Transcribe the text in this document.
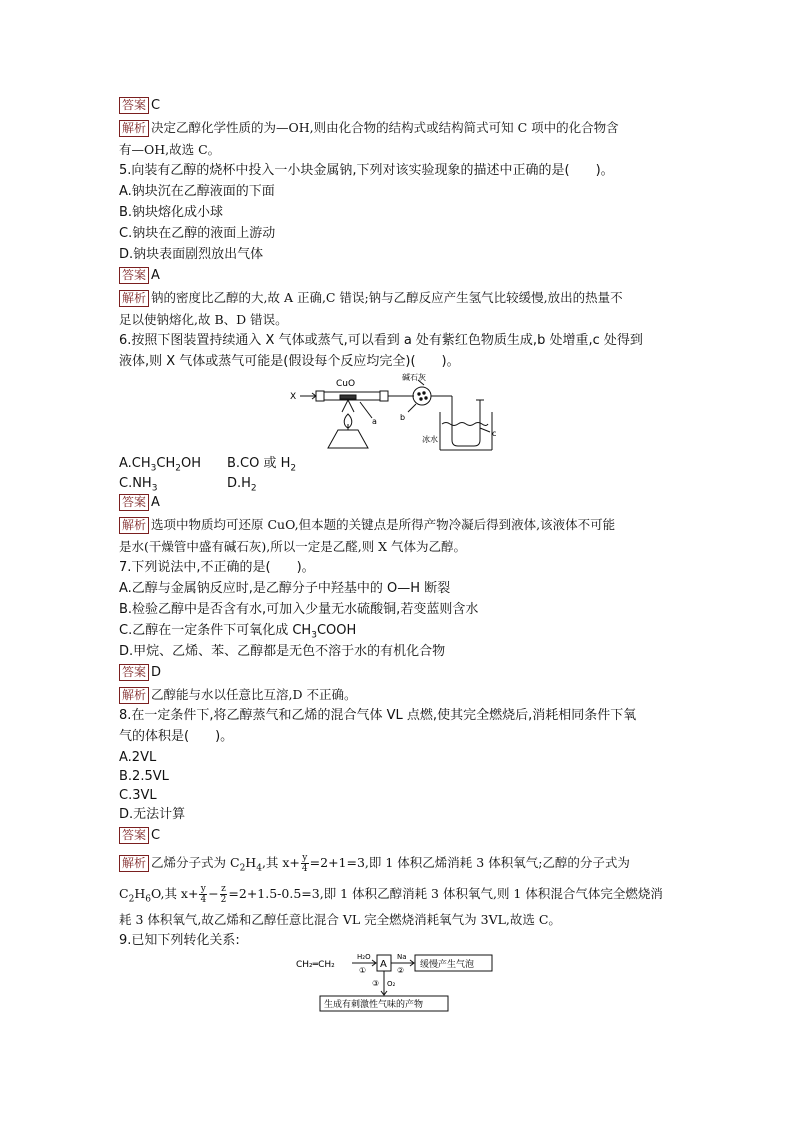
答案 C
解析 决定乙醇化学性质的为—OH,则由化合物的结构式或结构简式可知 C 项中的化合物含
有—OH,故选 C。
5.向装有乙醇的烧杯中投入一小块金属钠,下列对该实验现象的描述中正确的是(　　)。
A.钠块沉在乙醇液面的下面
B.钠块熔化成小球
C.钠块在乙醇的液面上游动
D.钠块表面剧烈放出气体
答案 A
解析 钠的密度比乙醇的大,故 A 正确,C 错误;钠与乙醇反应产生氢气比较缓慢,放出的热量不
足以使钠熔化,故 B、D 错误。
6.按照下图装置持续通入 X 气体或蒸气,可以看到 a 处有紫红色物质生成,b 处增重,c 处得到
液体,则 X 气体或蒸气可能是(假设每个反应均完全)(　　)。
X
CuO
碱石灰
a	b
c
冰水
$A.CH_3CH_2OH$ B.CO 或 $H_2$
$C.NH_3$	$D.H_2$
答案 A
解析 选项中物质均可还原 CuO,但本题的关键点是所得产物冷凝后得到液体,该液体不可能
是水(干燥管中盛有碱石灰),所以一定是乙醛,则 X 气体为乙醇。
7.下列说法中,不正确的是(　　)。
A.乙醇与金属钠反应时,是乙醇分子中羟基中的 O—H 断裂
B.检验乙醇中是否含有水,可加入少量无水硫酸铜,若变蓝则含水
C.乙醇在一定条件下可氧化成 $CH_3COOH$
D.甲烷、乙烯、苯、乙醇都是无色不溶于水的有机化合物
答案 D
解析 乙醇能与水以任意比互溶,D 不正确。
8.在一定条件下,将乙醇蒸气和乙烯的混合气体 VL 点燃,使其完全燃烧后,消耗相同条件下氧
气的体积是(　　)。
A.2VL
B.2.5VL
C.3VL
D.无法计算
答案 C
解析 乙烯分子式为 $C_2H_4$,其 $x+ \frac{y}{4} =2+1=3$,即 1 体积乙烯消耗 3 体积氧气;乙醇的分子式为
$C_2H_6O$,其 $x+ \frac{y}{4} - \frac{z}{2} =2+1.5-0.5=3$,即 1 体积乙醇消耗 3 体积氧气,则 1 体积混合气体完全燃烧消
耗 3 体积氧气,故乙烯和乙醇任意比混合 VL 完全燃烧消耗氧气为 3VL,故选 C。
9.已知下列转化关系:
CH₂═CH₂
H₂O
①
A
Na
②
缓慢产生气泡
③ O₂
生成有刺激性气味的产物
